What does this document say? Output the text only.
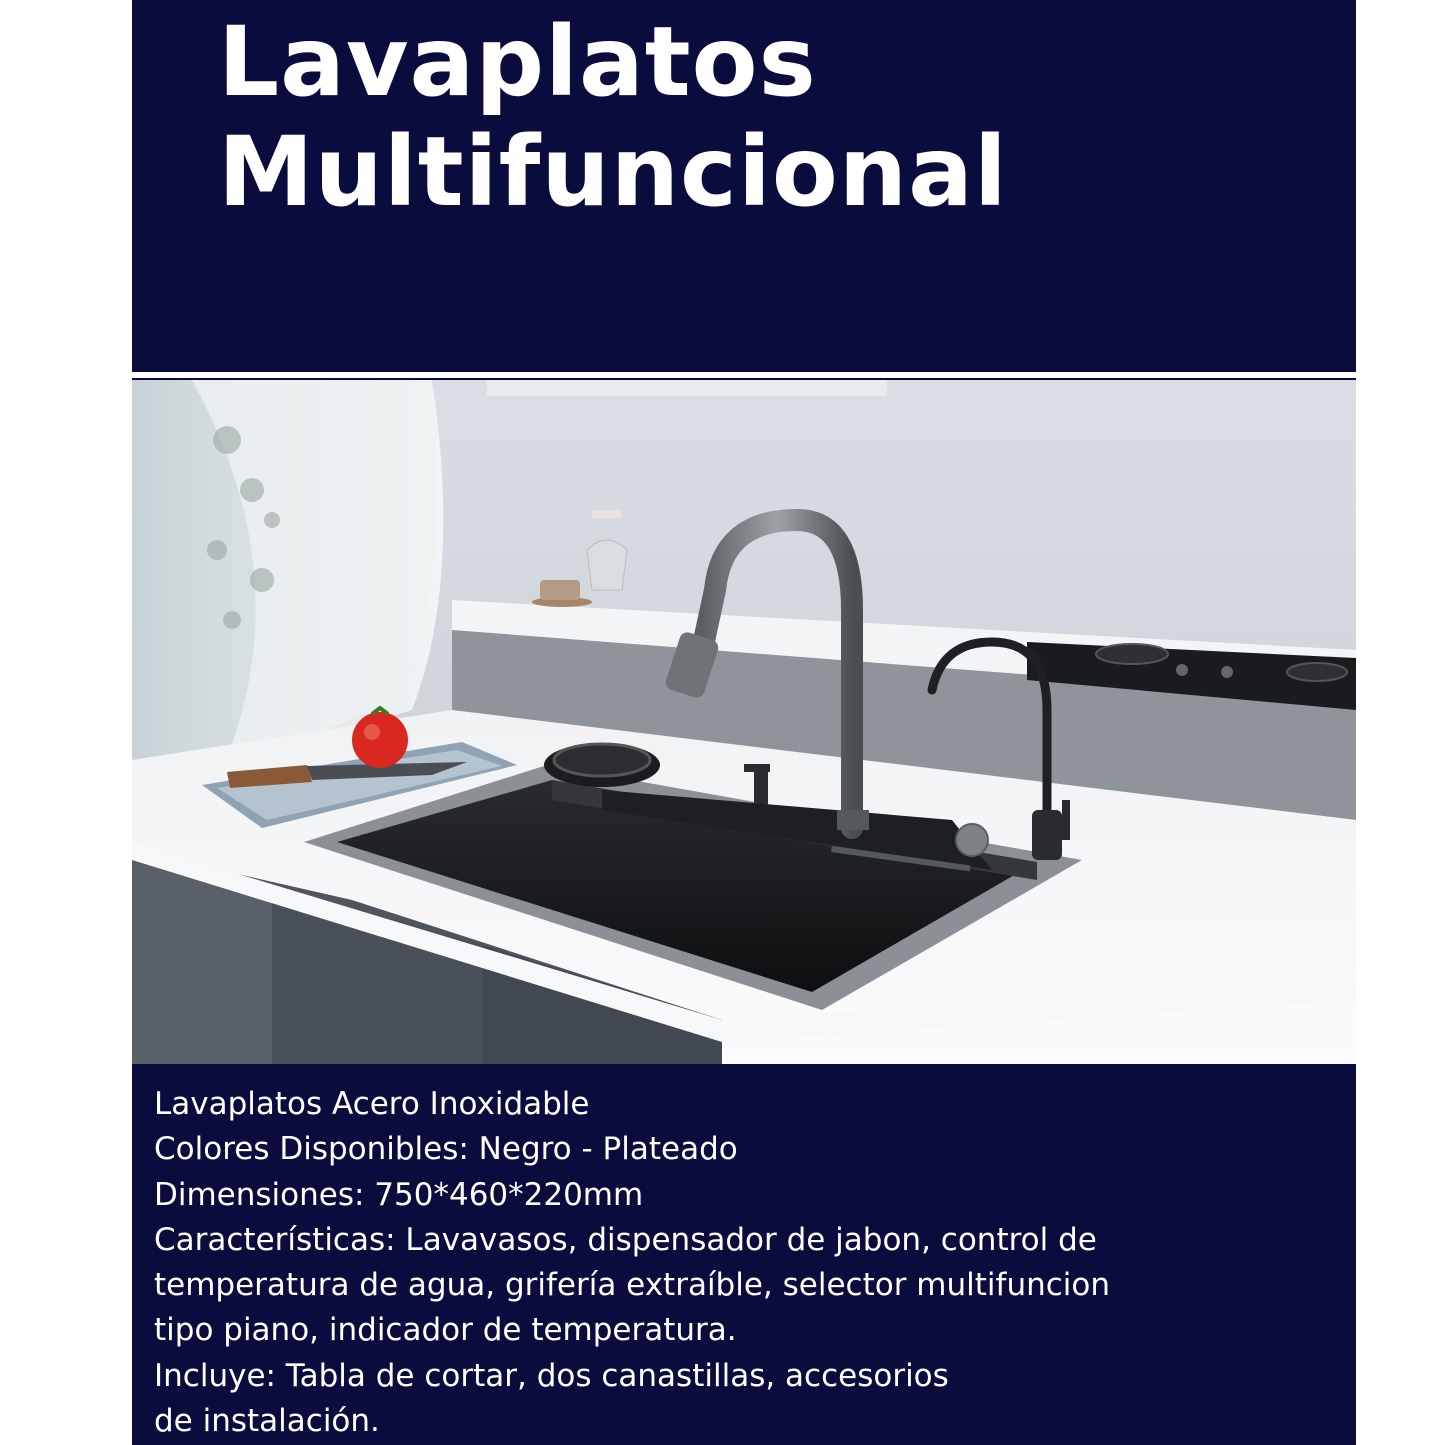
Lavaplatos
Multifuncional
Lavaplatos Acero Inoxidable
Colores Disponibles: Negro - Plateado
Dimensiones: 750*460*220mm
Características: Lavavasos, dispensador de jabon, control de
temperatura de agua, grifería extraíble, selector multifuncion
tipo piano, indicador de temperatura.
Incluye: Tabla de cortar, dos canastillas, accesorios
de instalación.
